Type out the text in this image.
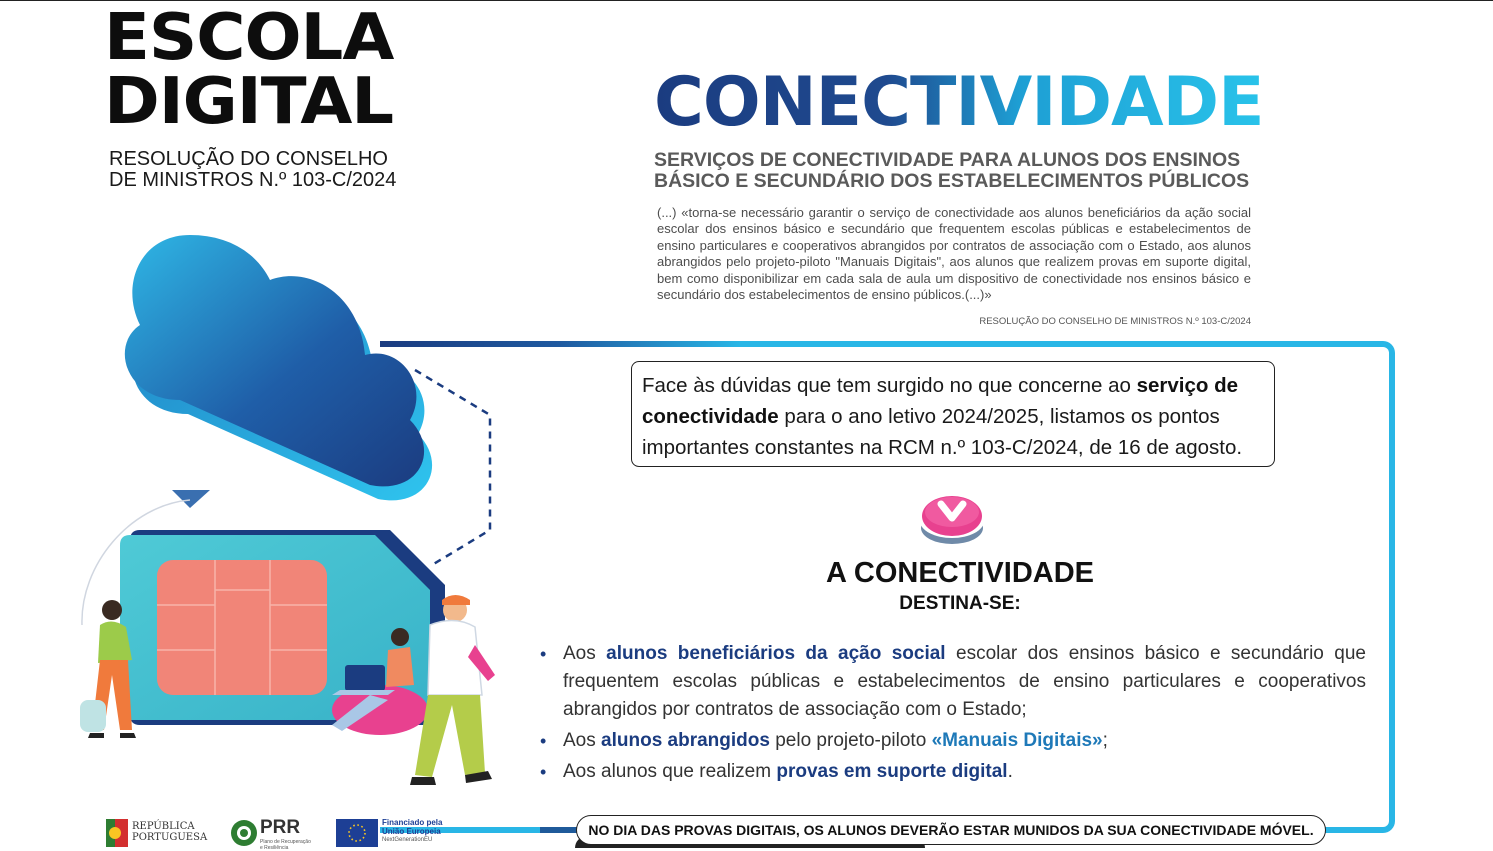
ESCOLA
DIGITAL
RESOLUÇÃO DO CONSELHO
DE MINISTROS N.º 103-C/2024
CONECTIVIDADE
SERVIÇOS DE CONECTIVIDADE PARA ALUNOS DOS ENSINOS
BÁSICO E SECUNDÁRIO DOS ESTABELECIMENTOS PÚBLICOS

(...) «torna-se necessário garantir o serviço de conectividade aos alunos beneficiários da ação social escolar dos ensinos básico e secundário que frequentem escolas públicas e estabelecimentos de ensino particulares e cooperativos abrangidos por contratos de associação com o Estado, aos alunos abrangidos pelo projeto-piloto "Manuais Digitais", aos alunos que realizem provas em suporte digital, bem como disponibilizar em cada sala de aula um dispositivo de conectividade nos ensinos básico e secundário dos estabelecimentos de ensino públicos.(...)»

RESOLUÇÃO DO CONSELHO DE MINISTROS N.º 103-C/2024
Face às dúvidas que tem surgido no que concerne ao serviço de conectividade para o ano letivo 2024/2025, listamos os pontos importantes constantes na RCM n.º 103-C/2024, de 16 de agosto.
A CONECTIVIDADE
DESTINA-SE:
• Aos alunos beneficiários da ação social escolar dos ensinos básico e secundário que frequentem escolas públicas e estabelecimentos de ensino particulares e cooperativos abrangidos por contratos de associação com o Estado;
• Aos alunos abrangidos pelo projeto-piloto «Manuais Digitais»;
• Aos alunos que realizem provas em suporte digital.
NO DIA DAS PROVAS DIGITAIS, OS ALUNOS DEVERÃO ESTAR MUNIDOS DA SUA CONECTIVIDADE MÓVEL.
REPÚBLICA
PORTUGUESA	PRR
Plano de Recuperação
e Resiliência
Financiado pela
União Europeia
NextGenerationEU
